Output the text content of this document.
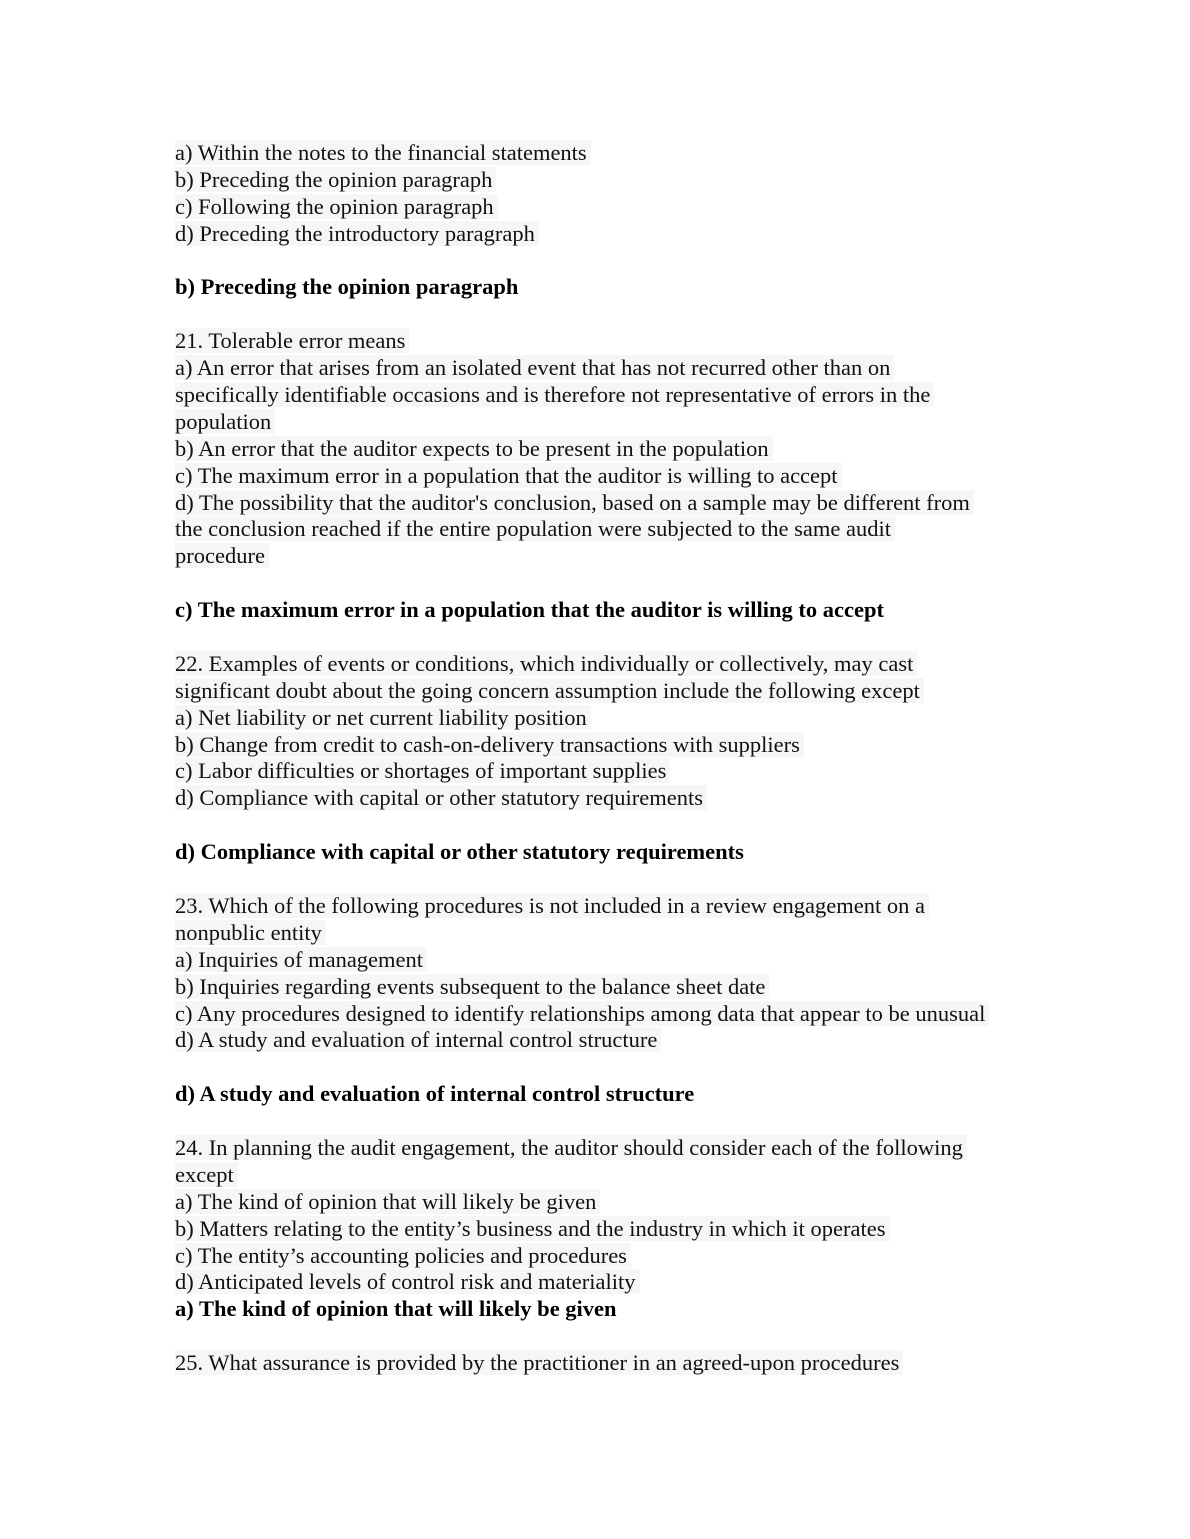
a) Within the notes to the financial statements
b) Preceding the opinion paragraph
c) Following the opinion paragraph
d) Preceding the introductory paragraph
b) Preceding the opinion paragraph
21. Tolerable error means
a) An error that arises from an isolated event that has not recurred other than on
specifically identifiable occasions and is therefore not representative of errors in the
population
b) An error that the auditor expects to be present in the population
c) The maximum error in a population that the auditor is willing to accept
d) The possibility that the auditor's conclusion, based on a sample may be different from
the conclusion reached if the entire population were subjected to the same audit
procedure
c) The maximum error in a population that the auditor is willing to accept
22. Examples of events or conditions, which individually or collectively, may cast
significant doubt about the going concern assumption include the following except
a) Net liability or net current liability position
b) Change from credit to cash-on-delivery transactions with suppliers
c) Labor difficulties or shortages of important supplies
d) Compliance with capital or other statutory requirements
d) Compliance with capital or other statutory requirements
23. Which of the following procedures is not included in a review engagement on a
nonpublic entity
a) Inquiries of management
b) Inquiries regarding events subsequent to the balance sheet date
c) Any procedures designed to identify relationships among data that appear to be unusual
d) A study and evaluation of internal control structure
d) A study and evaluation of internal control structure
24. In planning the audit engagement, the auditor should consider each of the following
except
a) The kind of opinion that will likely be given
b) Matters relating to the entity’s business and the industry in which it operates
c) The entity’s accounting policies and procedures
d) Anticipated levels of control risk and materiality
a) The kind of opinion that will likely be given
25. What assurance is provided by the practitioner in an agreed-upon procedures
